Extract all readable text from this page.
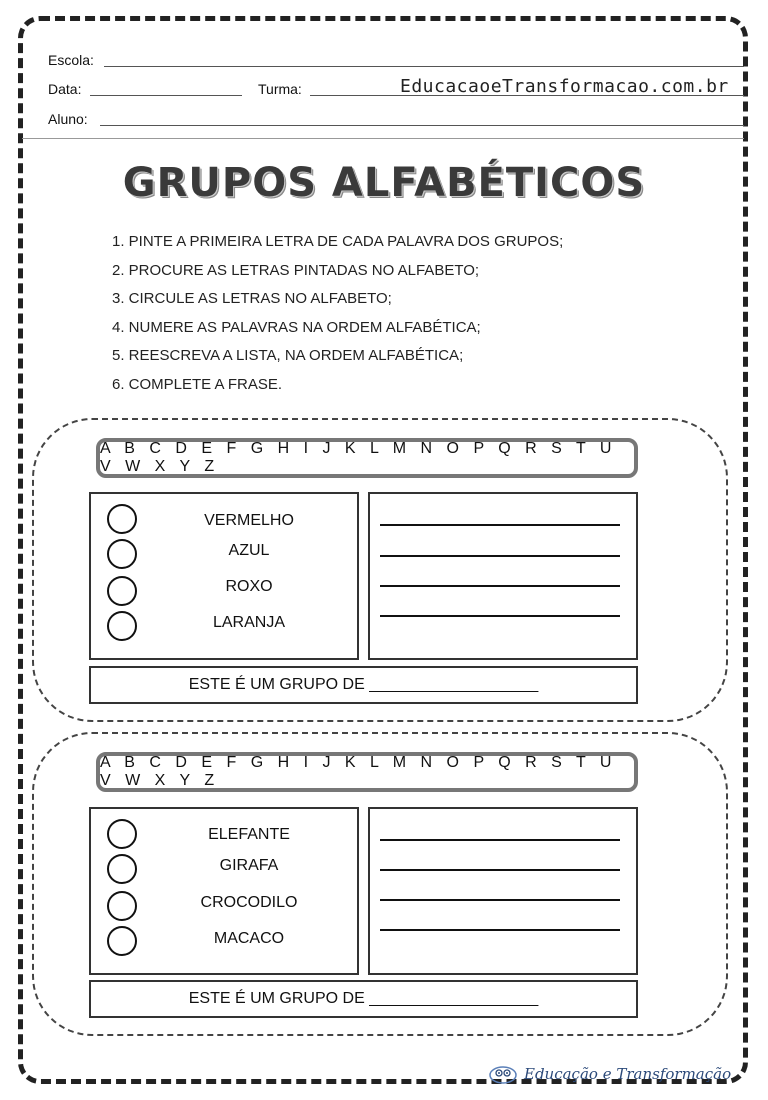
Escola:
Data:	Turma:	EducacaoeTransformacao.com.br
Aluno:
GRUPOS ALFABÉTICOS
1. PINTE A PRIMEIRA LETRA DE CADA PALAVRA DOS GRUPOS;
2. PROCURE AS LETRAS PINTADAS NO ALFABETO;
3. CIRCULE AS LETRAS NO ALFABETO;
4. NUMERE AS PALAVRAS NA ORDEM ALFABÉTICA;
5. REESCREVA A LISTA, NA ORDEM ALFABÉTICA;
6. COMPLETE A FRASE.
A B C D E F G H I J K L M N O P Q R S T U V W X Y Z
VERMELHO
AZUL
ROXO
LARANJA
ESTE É UM GRUPO DE ___________________
A B C D E F G H I J K L M N O P Q R S T U V W X Y Z
ELEFANTE
GIRAFA
CROCODILO
MACACO
ESTE É UM GRUPO DE ___________________
Educação e Transformação
